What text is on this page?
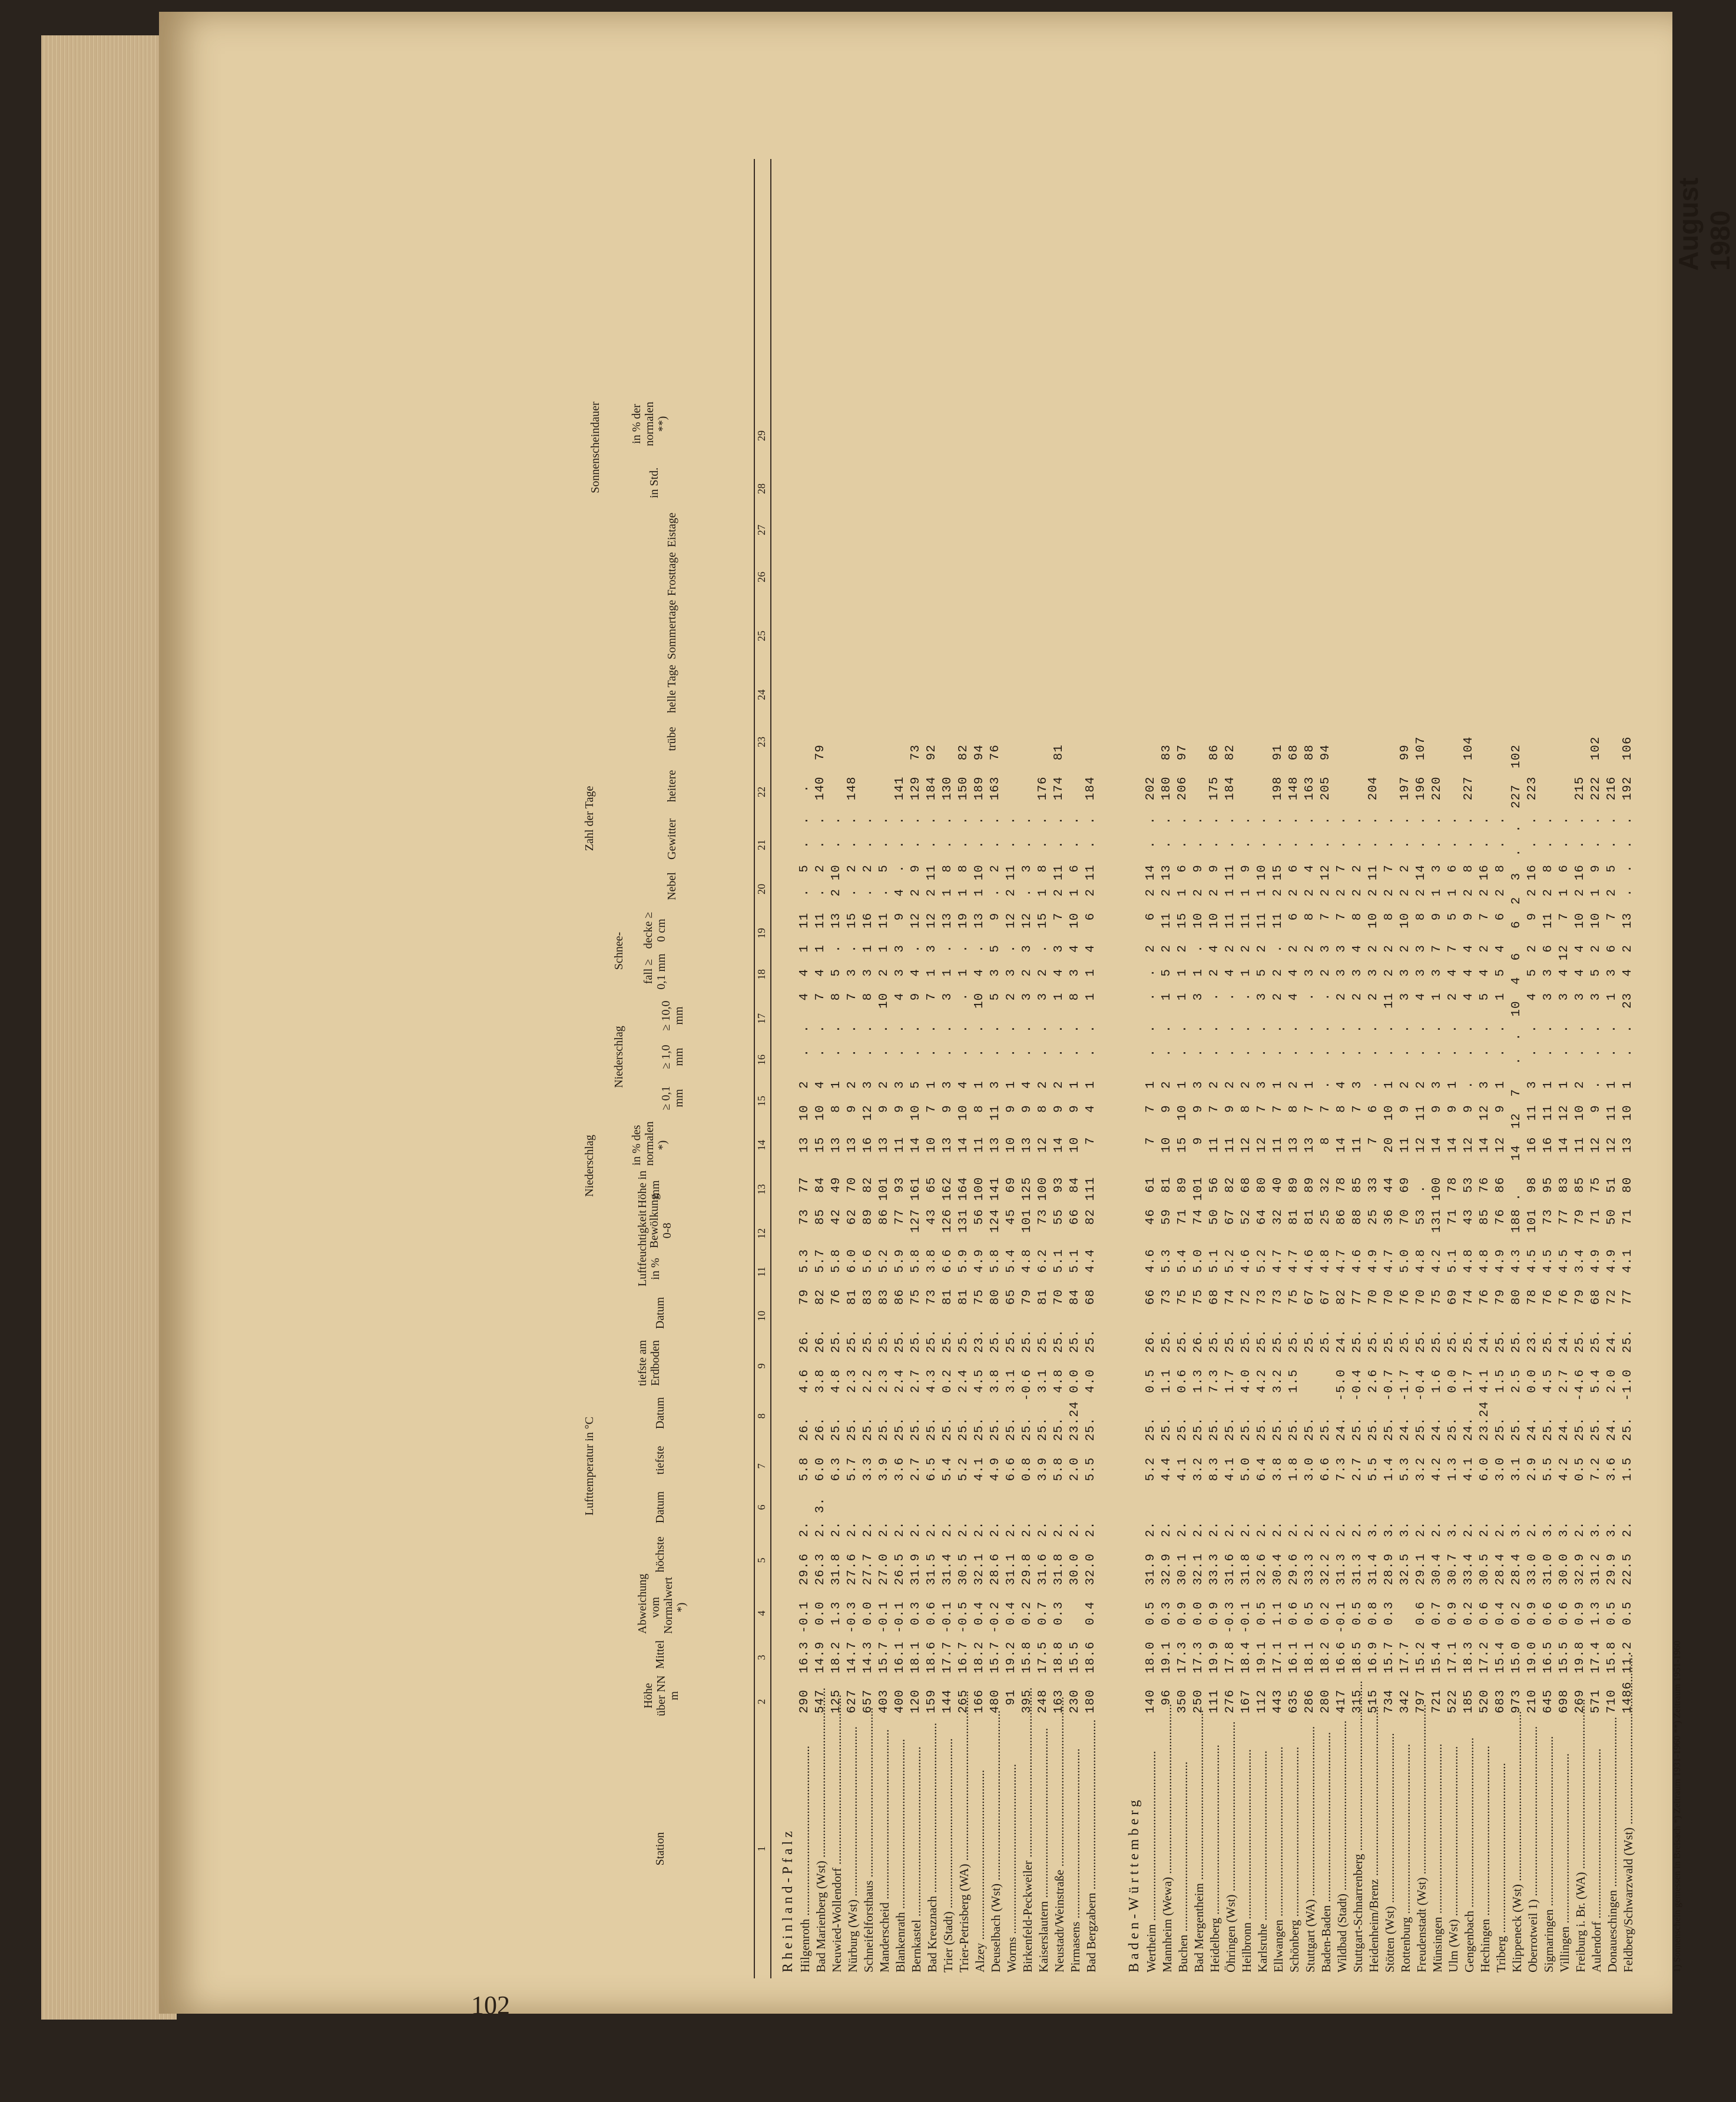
102
August 1980
Station
Höhe über NN m
Lufttemperatur in °C
Mittel
Abweichung vom Normalwert *)
höchste
Datum
tiefste
Datum
tiefste am Erdboden
Datum
Luftfeuchtigkeit in %
Bewölkung 0-8
Niederschlag	Höhe in mm
in % des normalen *)
Zahl der Tage
Niederschlag
≥ 0,1 mm
≥ 1,0 mm
≥ 10,0 mm
Schnee-
fall ≥ 0,1 mm
decke ≥ 0 cm
Nebel
Gewitter
heitere
trübe
helle Tage
Sommertage
Frosttage
Eistage
Sonnenscheindauer	in Std.
in % der normalen **)
1
2
3
4
5
6
7
8
9
10
11
12
13
14
15
16
17
18
19
20
21
22
23
24
25
26
27
28
29
Rheinland-Pfalz Hilgenroth .....
290  16.3 -0.1  29.6  2.     5.8  26.   4.6  26.   79  5.3   73  77   13  10  2   .  .   4  4  1  11  .  5  .  .   .
Bad Marienberg (Wst) .....
547  14.9  0.0  26.3  2. 3.  6.0  26.   3.8  26.   82  5.7   85  84   15  10  4   .  .   7  4  1  11  .  2  .  .  140  79
Neuwied-Wollendorf .....
125  18.2  1.3  31.8  2.     6.3  25.   4.8  25.   76  5.8   42  49   13   8  1   .  .   8  5  .  13  2 10  .  .
Nürburg (Wst) .....
627  14.7 -0.3  27.6  2.     5.7  25.   2.3  25.   81  6.0   62  70   13   9  2   .  .   7  3  .  15  .  2  .  .  148
Schneifelforsthaus .....
657  14.3  0.0  27.7  2.     3.3  25.   2.2  25.   83  5.6   89  82   16  12  3   .  .   8  3  1  16  .  2  .  .
Manderscheid .....
403  15.7 -0.1  27.0  2.     3.9  25.   2.3  25.   83  5.2   86 101   13   9  2   .  .  10  2  1  11  .  5  .  .
Blankenrath .....
400  16.1 -0.1  26.5  2.     3.6  25.   2.4  25.   86  5.9   77  93   11   9  3   .  .   4  3  3   9  4  .  .  .  141
Bernkastel .....
120  18.1  0.3  31.9  2.     2.7  25.   2.7  25.   75  5.8  127 161   14  10  5   .  .   9  4  .  12  2  9  .  .  129  73
Bad Kreuznach .....
159  18.6  0.6  31.5  2.     6.5  25.   4.3  25.   73  3.8   43  65   10   7  1   .  .   7  1  3  12  2 11  .  .  184  92
Trier (Stadt) .....
144  17.7 -0.1  31.4  2.     5.4  25.   0.2  25.   81  6.6  126 162   13   9  3   .  .   3  1  .  13  1  8  .  .  130
Trier-Petrisberg (WA) .....
265  16.7 -0.5  30.5  2.     5.2  25.   2.4  25.   81  5.9  131 164   14  10  4   .  .   .  1  .  19  1  8  .  .  150  82
Alzey .....
166  18.2  0.4  32.1  2.     4.1  25.   4.5  23.   75  4.9   56 100   11   8  1   .  .  10  4  .  13  1 10  .  .  189  94
Deuselbach (Wst) .....
480  15.7 -0.2  28.6  2.     4.9  25.   3.8  25.   80  5.8  124 141   13  11  3   .  .   5  3  5   9  .  2  .  .  163  76
Worms .....
91  19.2  0.4  31.1  2.     6.6  25.   3.1  25.   65  5.4   45  69   10   9  1   .  .   2  3  .  12  2 11  .  .
Birkenfeld-Peckweiler .....
395  15.8  0.2  29.8  2.     0.8  25.  -0.6  25.   79  4.8  101 125   13   9  4   .  .   3  2  3  12  .  3  .  .
Kaiserslautern .....
248  17.5  0.7  31.6  2.     3.9  25.   3.1  25.   81  6.2   73 100   12   8  2   .  .   3  2  .  15  1  8  .  .  176
Neustadt/Weinstraße .....
163  18.8  0.3  31.8  2.     5.8  25.   4.8  25.   70  5.1   55  93   14   9  2   .  .   1  4  3   7  2 11  .  .  174  81
Pirmasens .....
230  15.5       30.0  2.     2.0  23.24 0.0  25.   84  5.1   66  84   10   9  1   .  .   8  3  4  10  1  6  .  .
Bad Bergzabern .....
180  18.6  0.4  32.0  2.     5.5  25.   4.0  25.   68  4.4   82 111    7   4  1   .  .   1  1  4   6  2 11  .  .  184
Baden-Württemberg Wertheim .....
140  18.0  0.5  31.9  2.     5.2  25.   0.5  26.   66  4.6   46  61    7   7  1   .  .   .  .  2   6  2 14  .  .  202
Mannheim (Wewa) .....
96  19.1  0.3  32.9  2.     4.4  25.   1.1  25.   73  5.3   59  81   10   9  2   .  .   1  5  2  11  2 13  .  .  180  83
Buchen .....
350  17.3  0.9  30.1  2.     4.1  25.   0.6  25.   75  5.4   71  89   15  10  1   .  .   1  1  2  15  1  6  .  .  206  97
Bad Mergentheim .....
250  17.3  0.0  32.1  2.     3.2  25.   1.3  26.   75  5.0   74 101    9   9  3   .  .   3  1  .  10  2  9  .  .
Heidelberg .....
111  19.9  0.9  33.3  2.     8.3  25.   7.3  25.   68  5.1   50  56   11   7  2   .  .   .  2  4  10  2  9  .  .  175  86
Öhringen (Wst) .....
276  17.8 -0.3  31.6  2.     4.1  25.   1.7  25.   74  5.2   67  82   11   9  2   .  .   .  4  2  11  1 11  .  .  184  82
Heilbronn .....
167  18.4 -0.1  31.8  2.     5.0  25.   4.0  25.   72  4.6   52  68   12   8  2   .  .   .  1  2  11  1  9  .  .
Karlsruhe .....
112  19.1  0.5  32.6  2.     6.4  25.   4.2  25.   73  5.2   64  80   12   7  3   .  .   3  5  2  11  1 10  .  .
Ellwangen .....
443  17.1  1.1  30.4  2.     3.8  25.   3.2  25.   73  4.7   32  40   11   7  1   .  .   2  2  .  11  2 15  .  .  198  91
Schönberg .....
635  16.1  0.6  29.6  2.     1.8  25.   1.5  25.   75  4.7   81  89   13   8  2   .  .   4  4  2   6  2  6  .  .  148  68
Stuttgart (WA) .....
286  18.1  0.5  33.3  2.     3.0  25.        25.   67  4.6   81  89   13   7  1   .  .   .  3  2   8  2  4  .  .  163  88
Baden-Baden .....
280  18.2  0.2  32.2  2.     6.6  25.        25.   67  4.8   25  32    8   7  .   .  .   .  2  3   7  2 12  .  .  205  94
Wildbad (Stadt) .....
417  16.6 -0.1  31.3  2.     7.3  24.  -5.0  24.   82  4.7   86  78   14   8  4   .  .   2  3  3   7  2  7  .  .
Stuttgart-Schnarrenberg .....
315  18.5  0.5  31.3  2.     2.7  25.  -0.4  25.   77  4.6   88  85   11   7  3   .  .   2  3  4   8  2  2  .  .
Heidenheim/Brenz .....
515  16.9  0.8  31.4  3.     5.5  25.   2.6  25.   70  4.9   25  33    7   6  .   .  .   2  3  2  10  2 11  .  .  204
Stötten (Wst) .....
734  15.7  0.3  28.9  3.     1.4  25.  -0.7  25.   70  4.7   36  44   20  10  1   .  .  11  2  2   8  2  7  .  .
Rottenburg .....
342  17.7       32.5  3.     5.3  24.  -1.7  25.   76  5.0   70  69   11   9  2   .  .   3  3  2  10  2  2  .  .  197  99
Freudenstadt (Wst) .....
797  15.2  0.6  29.1  2.     3.2  25.  -0.4  25.   70  4.8   53  .    12  11  2   .  .   4  3  3   8  2 14  .  .  196  107
Münsingen .....
721  15.4  0.7  30.4  2.     4.2  24.   1.6  25.   75  4.2  131 100   14   9  3   .  .   1  3  7   9  1  3  .  .  220
Ulm (Wst) .....
522  17.1  0.9  30.7  3.     1.3  25.   0.0  25.   69  5.1   71  78   14   9  1   .  .   2  4  7   5  1  6  .  .
Gengenbach .....
185  18.3  0.2  33.4  2.     4.1  24.   1.7  25.   74  4.8   43  53   12   9  .   .  .   4  4  4   9  2  8  .  .  227  104
Hechingen .....
520  17.2  0.6  30.5  2.     6.0  23.24 4.1  24.   76  4.8   85  76   14  12  3   .  .   5  4  2   7  2 16  .  .
Triberg .....
683  15.4  0.4  28.4  2.     3.0  25.   1.5  25.   79  4.9   76  86   12   9  1   .  .   1  5  4   6  2  8  .  .
Klippeneck (Wst) .....
973  15.0  0.2  28.4  3.     3.1  25.   2.5  25.   80  4.3  188 .    14  12  7   .  .  10  4  6   6  2  3  .  .  227  102
Oberrotweil 1) .....
210  19.0  0.9  33.0  2.     2.9  24.   0.0  23.   78  4.5  101  98   16  11  3   .  .   4  5  2   9  2 16  .  .  223
Sigmaringen .....
645  16.5  0.6  31.0  3.     5.5  25.   4.5  25.   76  4.5   73  95   16  11  1   .  .   3  3  6  11  2  8  .  .
Villingen .....
698  15.5  0.6  30.0  3.     4.2  24.   2.7  24.   76  4.5   77  83   14  12  1   .  .   3  4 12   7  1  6  .  .
Freiburg i. Br. (WA) .....
269  19.8  0.9  32.9  2.     0.5  25.  -4.6  25.   79  3.4   79  85   11  10  2   .  .   3  4  4  10  2 16  .  .  215
Aulendorf .....
571  17.4  1.3  31.2  3.     7.2  25.   5.4  25.   68  4.9   71  75   12   9  .   .  .   3  5  2  10  1  9  .  .  222  102
Donaueschingen .....
710  15.8  0.5  29.9  3.     3.6  24.   2.0  24.   72  4.9   50  51   12  11  1   .  .   1  3  6   7  2  5  .  .  216
Feldberg/Schwarzwald (Wst) .....
1486 11.2  0.5  22.5  2.     1.5  25.  -1.0  25.   77  4.1   71  80   13  10  1   .  .  23  4  2  13  .  .  .  .  192  106
1) Sonnenschein gemessen in Breisach *) Zeitraum 1931-1960 **) Zeitraum 1951-1960
